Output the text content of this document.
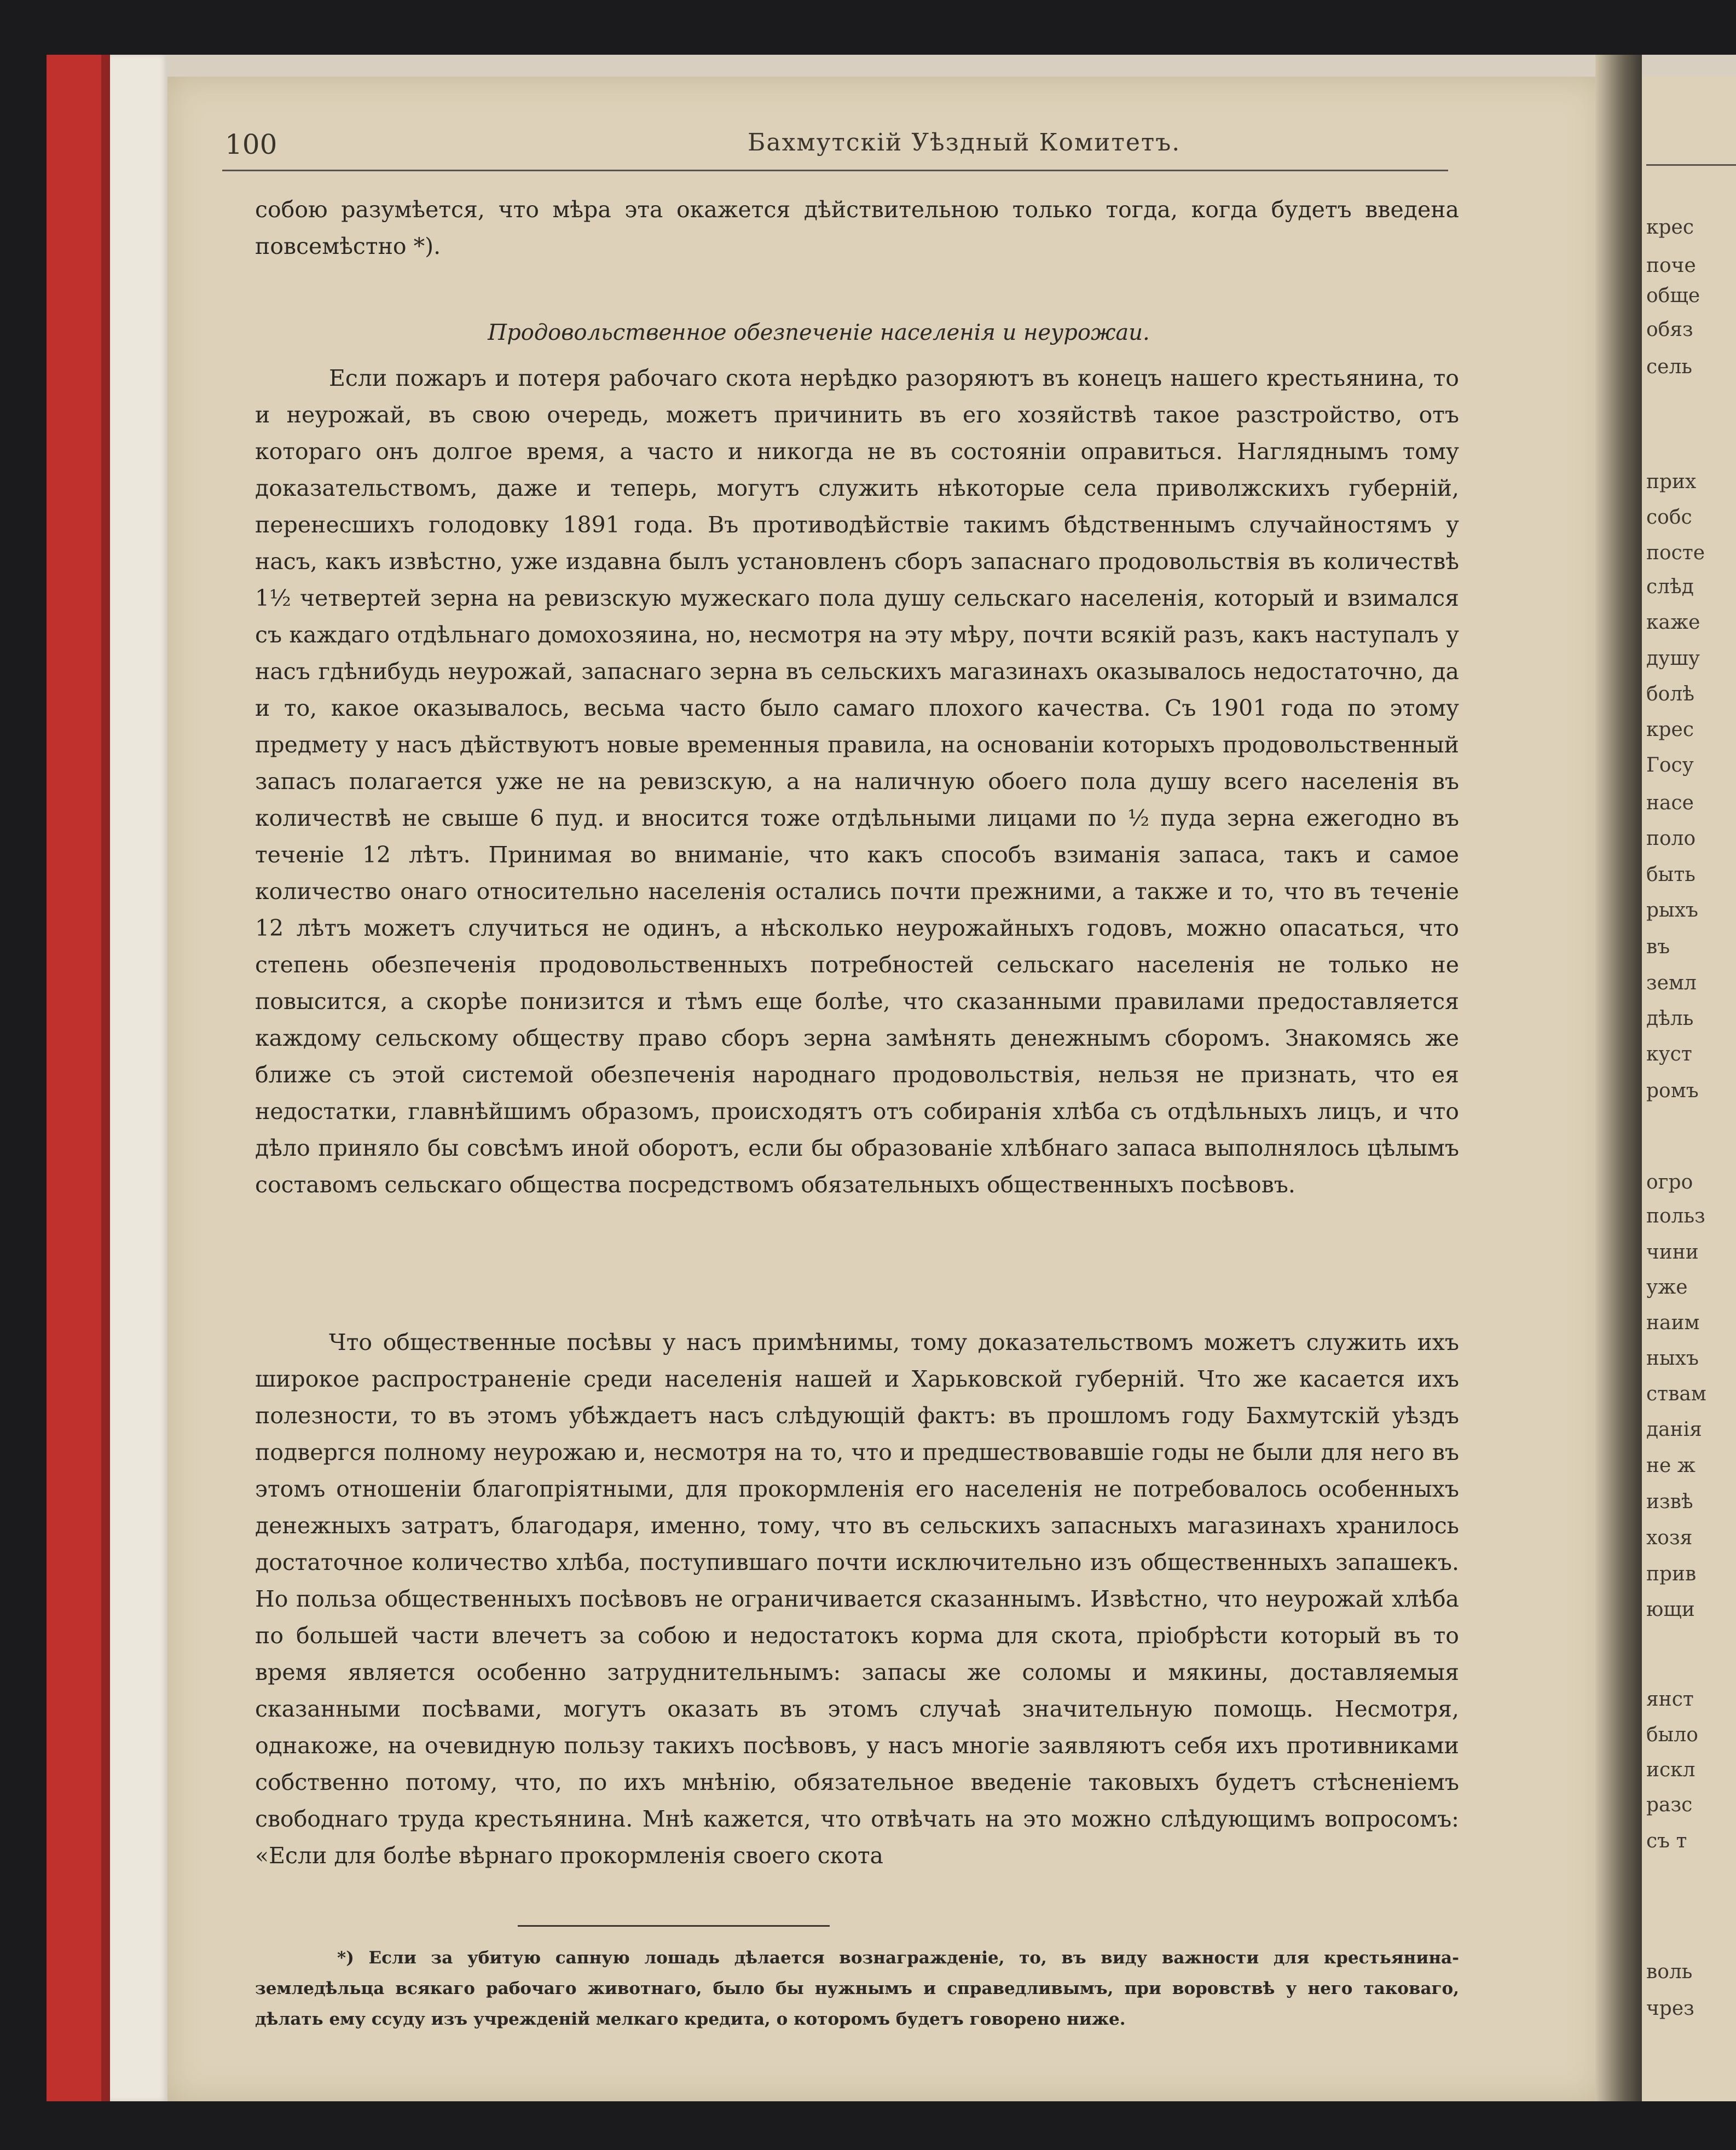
100	Бахмутскій Уѣздный Комитетъ.

собою разумѣется, что мѣра эта окажется дѣйствительною только тогда, когда будетъ введена повсемѣстно *).

Продовольственное обезпеченіе населенія и неурожаи.

Если пожаръ и потеря рабочаго скота нерѣдко разоряютъ въ конецъ нашего крестьянина, то и неурожай, въ свою очередь, можетъ причинить въ его хозяйствѣ такое разстройство, отъ котораго онъ долгое время, а часто и никогда не въ состояніи оправиться. Нагляднымъ тому доказательствомъ, даже и теперь, могутъ служить нѣкоторые села приволжскихъ губерній, перенесшихъ голодовку 1891 года. Въ противодѣйствіе такимъ бѣдственнымъ случайностямъ у насъ, какъ извѣстно, уже издавна былъ установленъ сборъ запаснаго продовольствія въ количествѣ 1½ четвертей зерна на ревизскую мужескаго пола душу сельскаго населенія, который и взимался съ каждаго отдѣльнаго домохозяина, но, несмотря на эту мѣру, почти всякій разъ, какъ наступалъ у насъ гдѣнибудь неурожай, запаснаго зерна въ сельскихъ магазинахъ оказывалось недостаточно, да и то, какое оказывалось, весьма часто было самаго плохого качества. Съ 1901 года по этому предмету у насъ дѣйствуютъ новые временныя правила, на основаніи которыхъ продовольственный запасъ полагается уже не на ревизскую, а на наличную обоего пола душу всего населенія въ количествѣ не свыше 6 пуд. и вносится тоже отдѣльными лицами по ½ пуда зерна ежегодно въ теченіе 12 лѣтъ. Принимая во вниманіе, что какъ способъ взиманія запаса, такъ и самое количество онаго относительно населенія остались почти прежними, а также и то, что въ теченіе 12 лѣтъ можетъ случиться не одинъ, а нѣсколько неурожайныхъ годовъ, можно опасаться, что степень обезпеченія продовольственныхъ потребностей сельскаго населенія не только не повысится, а скорѣе понизится и тѣмъ еще болѣе, что сказанными правилами предоставляется каждому сельскому обществу право сборъ зерна замѣнять денежнымъ сборомъ. Знакомясь же ближе съ этой системой обезпеченія народнаго продовольствія, нельзя не признать, что ея недостатки, главнѣйшимъ образомъ, происходятъ отъ собиранія хлѣба съ отдѣльныхъ лицъ, и что дѣло приняло бы совсѣмъ иной оборотъ, если бы образованіе хлѣбнаго запаса выполнялось цѣлымъ составомъ сельскаго общества посредствомъ обязательныхъ общественныхъ посѣвовъ.

Что общественные посѣвы у насъ примѣнимы, тому доказательствомъ можетъ служить ихъ широкое распространеніе среди населенія нашей и Харьковской губерній. Что же касается ихъ полезности, то въ этомъ убѣждаетъ насъ слѣдующій фактъ: въ прошломъ году Бахмутскій уѣздъ подвергся полному неурожаю и, несмотря на то, что и предшествовавшіе годы не были для него въ этомъ отношеніи благопріятными, для прокормленія его населенія не потребовалось особенныхъ денежныхъ затратъ, благодаря, именно, тому, что въ сельскихъ запасныхъ магазинахъ хранилось достаточное количество хлѣба, поступившаго почти исключительно изъ общественныхъ запашекъ. Но польза общественныхъ посѣвовъ не ограничивается сказаннымъ. Извѣстно, что неурожай хлѣба по большей части влечетъ за собою и недостатокъ корма для скота, пріобрѣсти который въ то время является особенно затруднительнымъ: запасы же соломы и мякины, доставляемыя сказанными посѣвами, могутъ оказать въ этомъ случаѣ значительную помощь. Несмотря, однакоже, на очевидную пользу такихъ посѣвовъ, у насъ многіе заявляютъ себя ихъ противниками собственно потому, что, по ихъ мнѣнію, обязательное введеніе таковыхъ будетъ стѣсненіемъ свободнаго труда крестьянина. Мнѣ кажется, что отвѣчать на это можно слѣдующимъ вопросомъ: «Если для болѣе вѣрнаго прокормленія своего скота

*) Если за убитую сапную лошадь дѣлается вознагражденіе, то, въ виду важности для крестьянина-земледѣльца всякаго рабочаго животнаго, было бы нужнымъ и справедливымъ, при воровствѣ у него таковаго, дѣлать ему ссуду изъ учрежденій мелкаго кредита, о которомъ будетъ говорено ниже.

крес
поче
обще
обяз
сель
прих
собс
посте
слѣд
каже
душу
болѣ
крес
Госу
насе
поло
быть
рыхъ
въ
земл
дѣль
куст
ромъ
огро
польз
чини
уже
наим
ныхъ
ствам
данія
не ж
извѣ
хозя
прив
ющи
янст
было
искл
разс
съ т
воль
чрез
